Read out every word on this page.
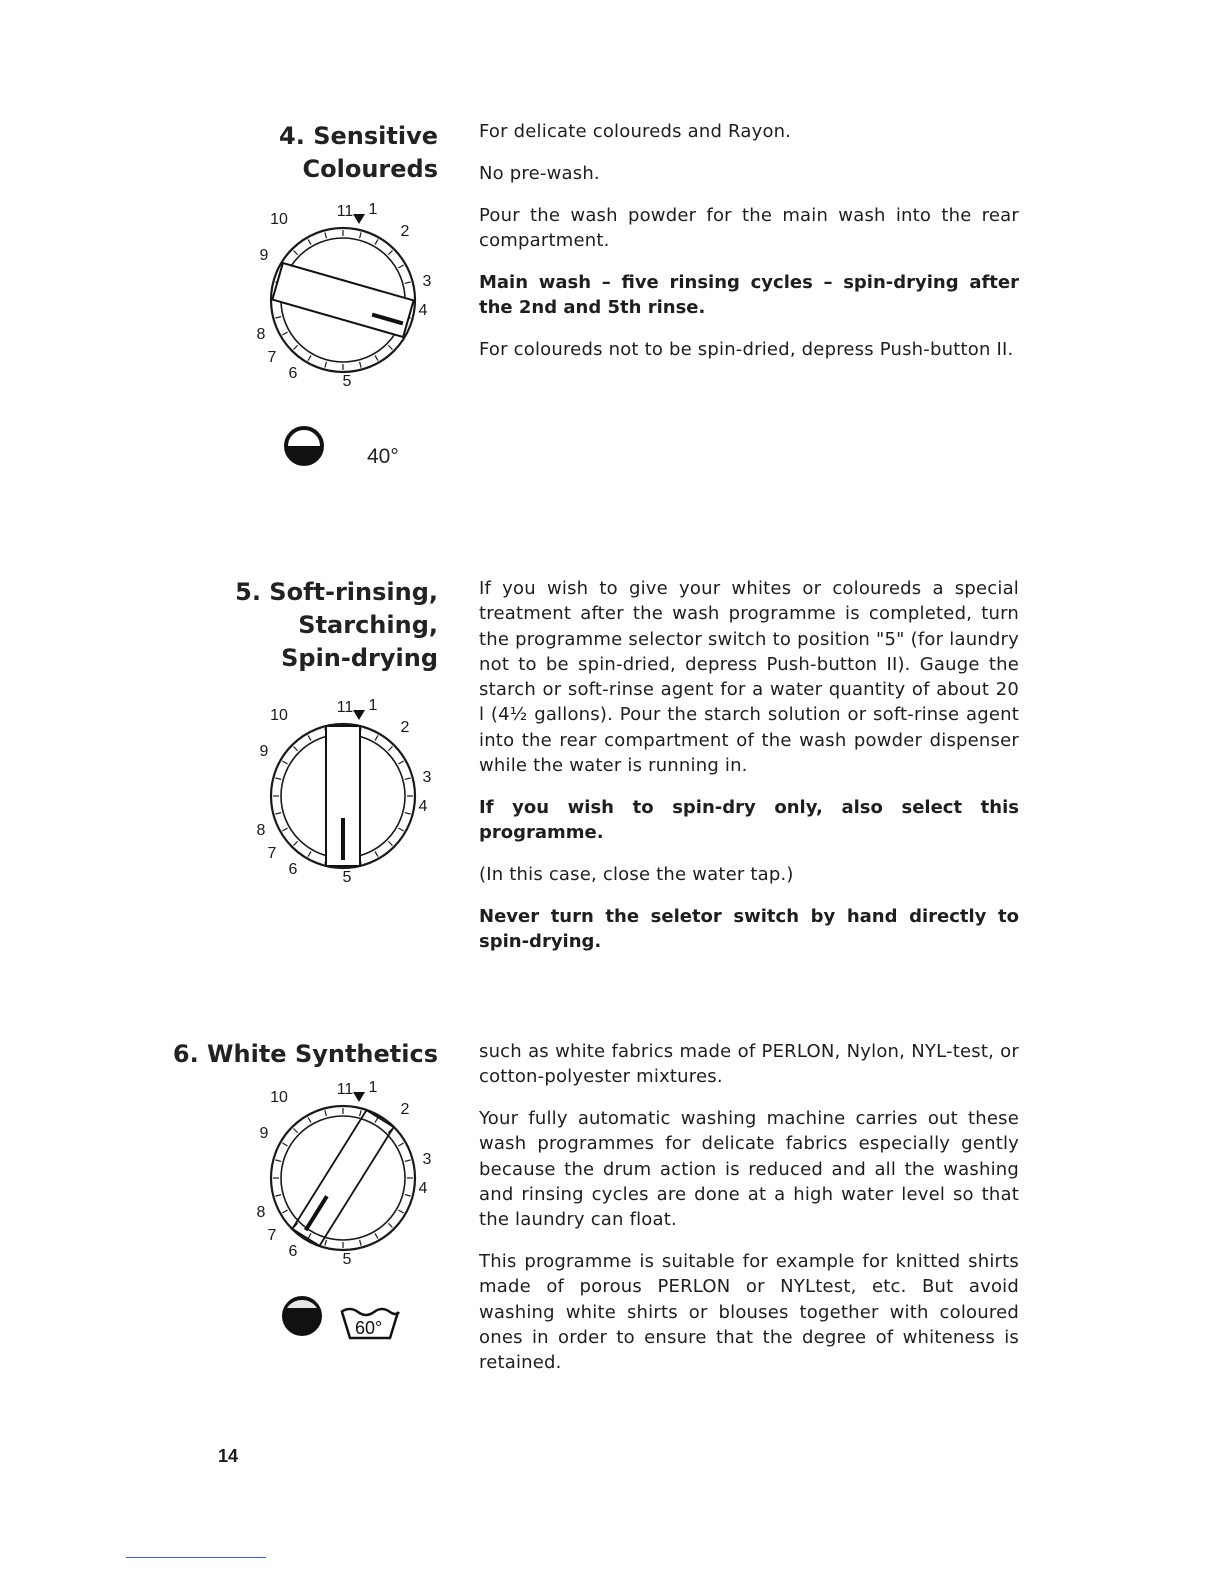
4. Sensitive
Coloureds
1
2
3
4
5
6
7
8
9
10	11
40°

For delicate coloureds and Rayon.

No pre-wash.

Pour the wash powder for the main wash into the rear compartment.

Main wash – five rinsing cycles – spin-drying after the 2nd and 5th rinse.

For coloureds not to be spin-dried, depress Push-button II.

5. Soft-rinsing,
Starching,
Spin-drying
1
2
3
4
5
6
7
8
9
10	11

If you wish to give your whites or coloureds a special treatment after the wash programme is completed, turn the programme selector switch to position "5" (for laundry not to be spin-dried, depress Push-button II). Gauge the starch or soft-rinse agent for a water quantity of about 20 l (4½ gallons). Pour the starch solution or soft-rinse agent into the rear compartment of the wash powder dispenser while the water is running in.

If you wish to spin-dry only, also select this programme.

(In this case, close the water tap.)

Never turn the seletor switch by hand directly to spin-drying.

6. White Synthetics
1
2
3
4
5
6
7
8
9
10	11
60°

such as white fabrics made of PERLON, Nylon, NYL-test, or cotton-polyester mixtures.

Your fully automatic washing machine carries out these wash programmes for delicate fabrics especially gently because the drum action is reduced and all the washing and rinsing cycles are done at a high water level so that the laundry can float.

This programme is suitable for example for knitted shirts made of porous PERLON or NYLtest, etc. But avoid washing white shirts or blouses together with coloured ones in order to ensure that the degree of whiteness is retained.

14
